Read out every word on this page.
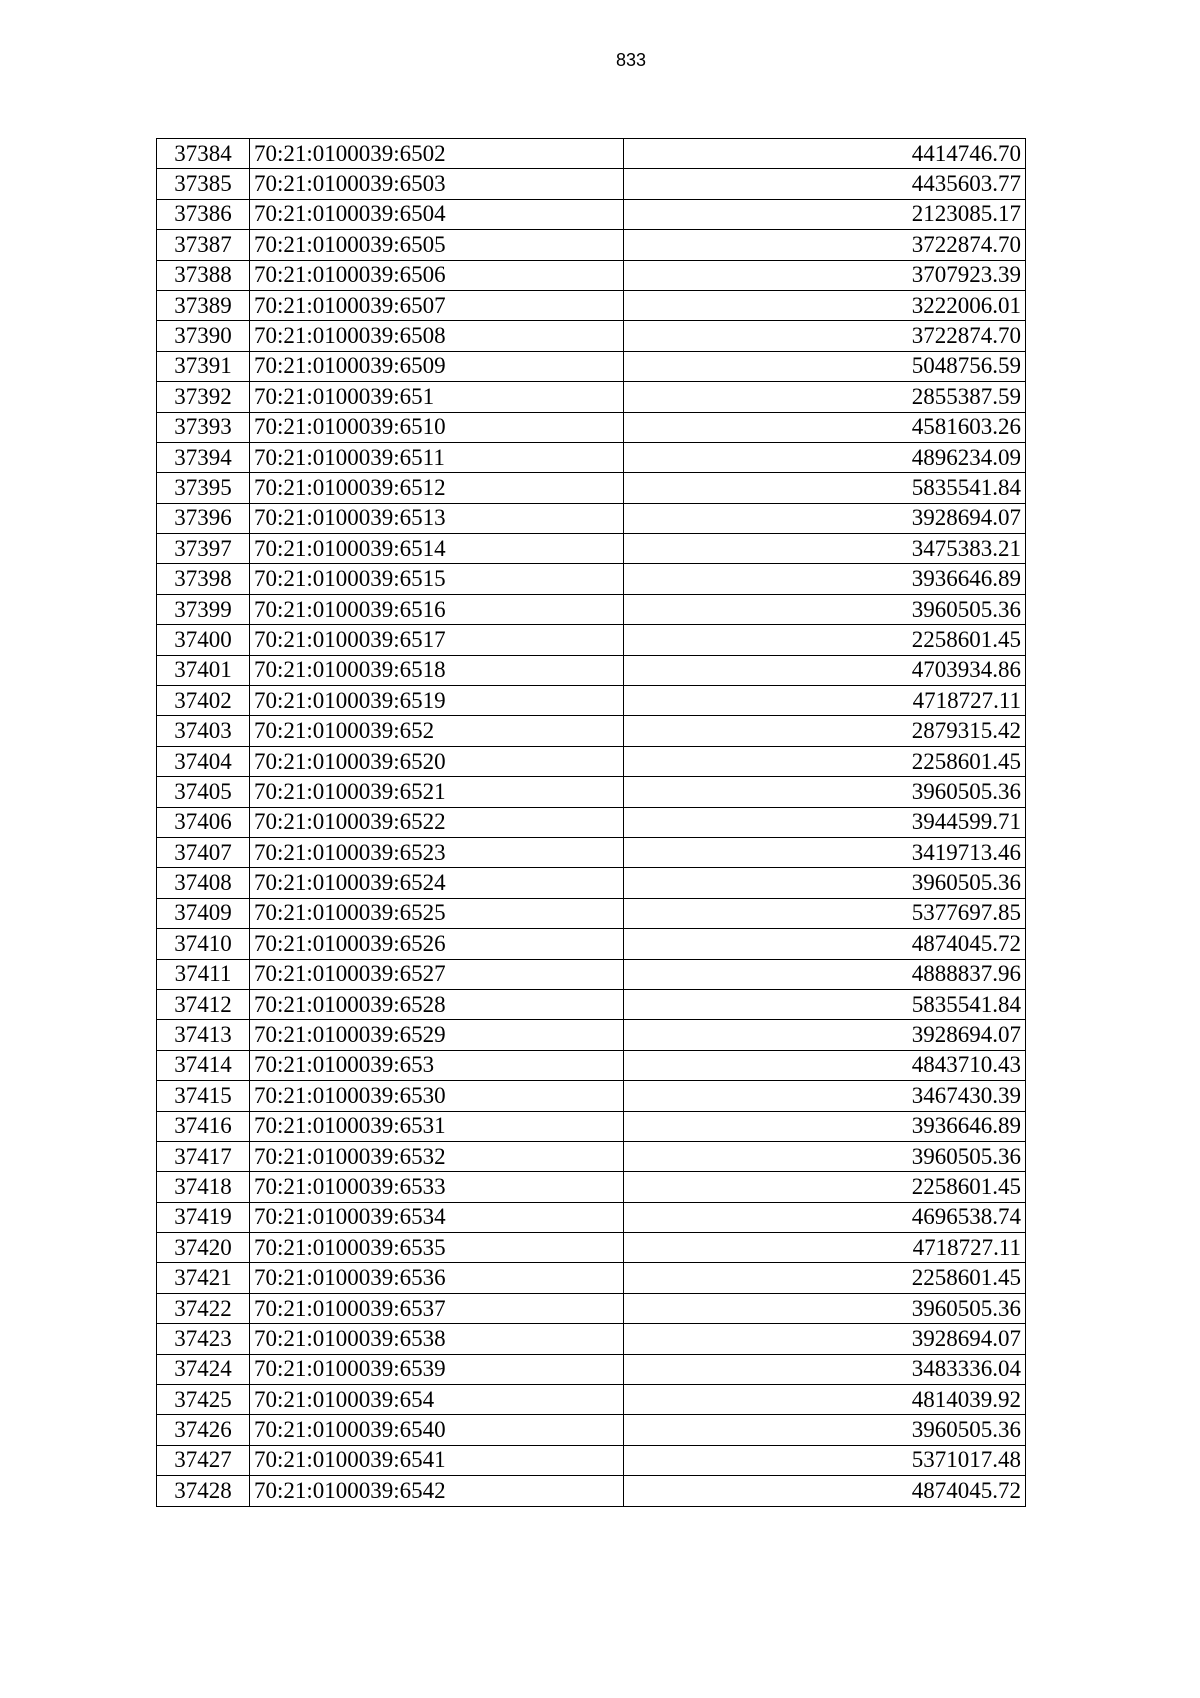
833
37384	70:21:0100039:6502	4414746.70
37385	70:21:0100039:6503	4435603.77
37386	70:21:0100039:6504	2123085.17
37387	70:21:0100039:6505	3722874.70
37388	70:21:0100039:6506	3707923.39
37389	70:21:0100039:6507	3222006.01
37390	70:21:0100039:6508	3722874.70
37391	70:21:0100039:6509	5048756.59
37392	70:21:0100039:651	2855387.59
37393	70:21:0100039:6510	4581603.26
37394	70:21:0100039:6511	4896234.09
37395	70:21:0100039:6512	5835541.84
37396	70:21:0100039:6513	3928694.07
37397	70:21:0100039:6514	3475383.21
37398	70:21:0100039:6515	3936646.89
37399	70:21:0100039:6516	3960505.36
37400	70:21:0100039:6517	2258601.45
37401	70:21:0100039:6518	4703934.86
37402	70:21:0100039:6519	4718727.11
37403	70:21:0100039:652	2879315.42
37404	70:21:0100039:6520	2258601.45
37405	70:21:0100039:6521	3960505.36
37406	70:21:0100039:6522	3944599.71
37407	70:21:0100039:6523	3419713.46
37408	70:21:0100039:6524	3960505.36
37409	70:21:0100039:6525	5377697.85
37410	70:21:0100039:6526	4874045.72
37411	70:21:0100039:6527	4888837.96
37412	70:21:0100039:6528	5835541.84
37413	70:21:0100039:6529	3928694.07
37414	70:21:0100039:653	4843710.43
37415	70:21:0100039:6530	3467430.39
37416	70:21:0100039:6531	3936646.89
37417	70:21:0100039:6532	3960505.36
37418	70:21:0100039:6533	2258601.45
37419	70:21:0100039:6534	4696538.74
37420	70:21:0100039:6535	4718727.11
37421	70:21:0100039:6536	2258601.45
37422	70:21:0100039:6537	3960505.36
37423	70:21:0100039:6538	3928694.07
37424	70:21:0100039:6539	3483336.04
37425	70:21:0100039:654	4814039.92
37426	70:21:0100039:6540	3960505.36
37427	70:21:0100039:6541	5371017.48
37428	70:21:0100039:6542	4874045.72
